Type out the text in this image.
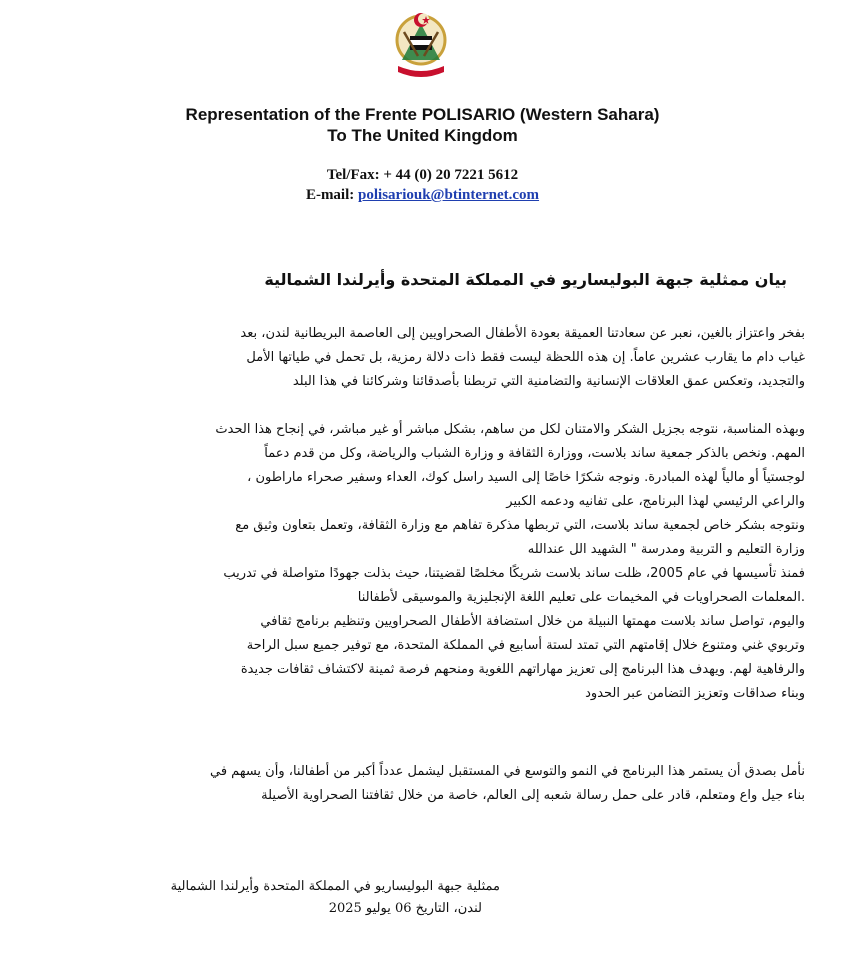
Representation of the Frente POLISARIO (Western Sahara)
To The United Kingdom
Tel/Fax: + 44 (0) 20 7221 5612
E-mail: polisariouk@btinternet.com
بيان ممثلية جبهة البوليساريو في المملكة المتحدة وأيرلندا الشمالية

بفخر واعتزاز بالغين، نعبر عن سعادتنا العميقة بعودة الأطفال الصحراويين إلى العاصمة البريطانية لندن، بعد

غياب دام ما يقارب عشرين عاماً. إن هذه اللحظة ليست فقط ذات دلالة رمزية، بل تحمل في طياتها الأمل

والتجديد، وتعكس عمق العلاقات الإنسانية والتضامنية التي تربطنا بأصدقائنا وشركائنا في هذا البلد

وبهذه المناسبة، نتوجه بجزيل الشكر والامتنان لكل من ساهم، بشكل مباشر أو غير مباشر، في إنجاح هذا الحدث

المهم. ونخص بالذكر جمعية ساند بلاست، ووزارة الثقافة و وزارة الشباب والرياضة، وكل من قدم دعماً

لوجستياً أو مالياً لهذه المبادرة. ونوجه شكرًا خاصًا إلى السيد راسل كوك، العداء وسفير صحراء ماراطون ،

والراعي الرئيسي لهذا البرنامج، على تفانيه ودعمه الكبير

ونتوجه بشكر خاص لجمعية ساند بلاست، التي تربطها مذكرة تفاهم مع وزارة الثقافة، وتعمل بتعاون وثيق مع

وزارة التعليم و التربية ومدرسة " الشهيد الل عندالله

فمنذ تأسيسها في عام 2005، ظلت ساند بلاست شريكًا مخلصًا لقضيتنا، حيث بذلت جهودًا متواصلة في تدريب

.المعلمات الصحراويات في المخيمات على تعليم اللغة الإنجليزية والموسيقى لأطفالنا

واليوم، تواصل ساند بلاست مهمتها النبيلة من خلال استضافة الأطفال الصحراويين وتنظيم برنامج ثقافي

وتربوي غني ومتنوع خلال إقامتهم التي تمتد لستة أسابيع في المملكة المتحدة، مع توفير جميع سبل الراحة

والرفاهية لهم. ويهدف هذا البرنامج إلى تعزيز مهاراتهم اللغوية ومنحهم فرصة ثمينة لاكتشاف ثقافات جديدة

وبناء صداقات وتعزيز التضامن عبر الحدود

نأمل بصدق أن يستمر هذا البرنامج في النمو والتوسع في المستقبل ليشمل عدداً أكبر من أطفالنا، وأن يسهم في

بناء جيل واع ومتعلم، قادر على حمل رسالة شعبه إلى العالم، خاصة من خلال ثقافتنا الصحراوية الأصيلة

ممثلية جبهة البوليساريو في المملكة المتحدة وأيرلندا الشمالية
لندن، التاريخ 06 يوليو 2025
